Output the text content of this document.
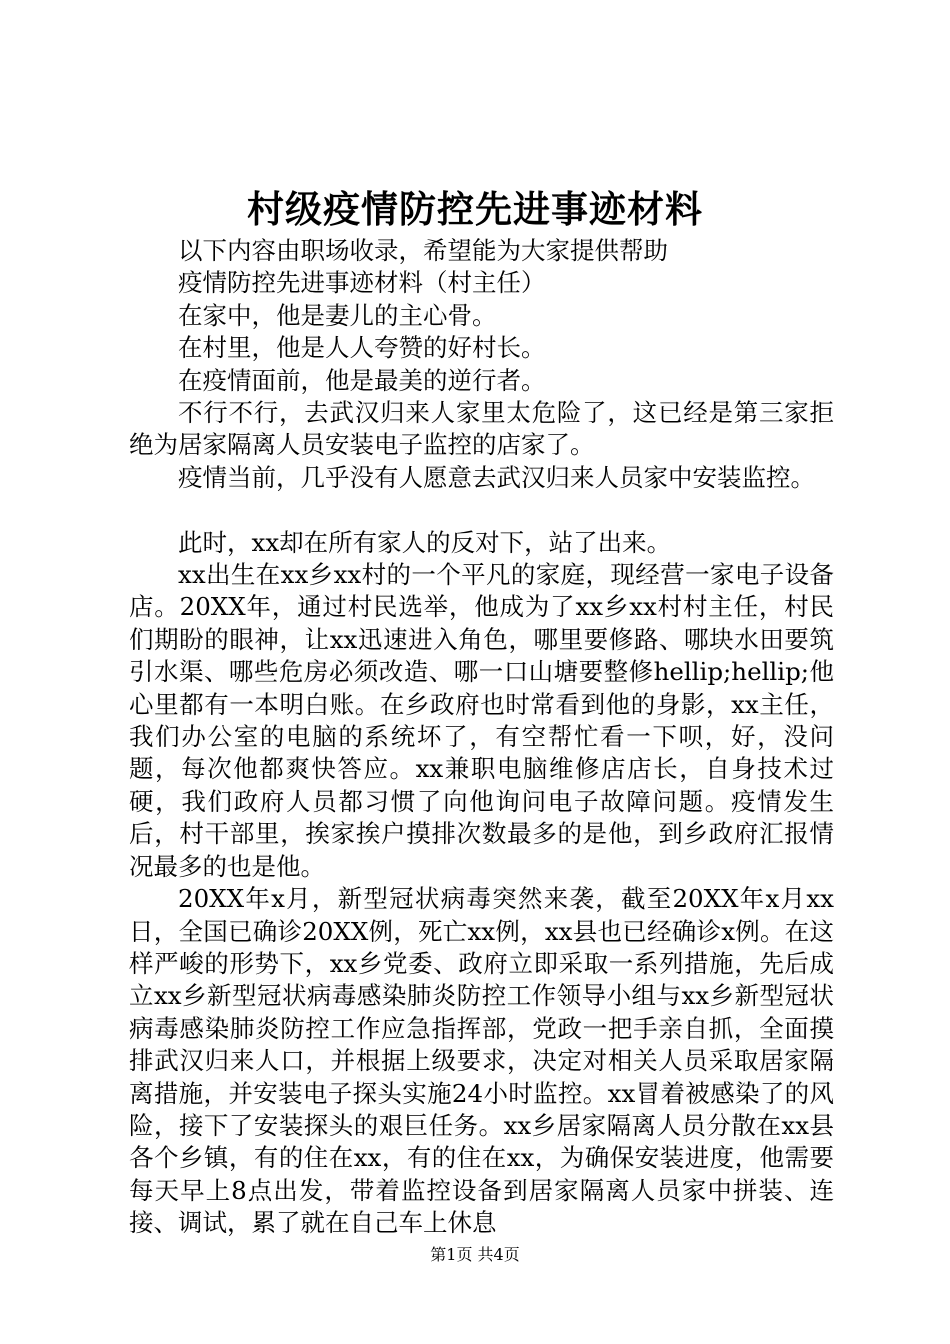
村级疫情防控先进事迹材料

以下内容由职场收录，希望能为大家提供帮助

疫情防控先进事迹材料（村主任）

在家中，他是妻儿的主心骨。

在村里，他是人人夸赞的好村长。

在疫情面前，他是最美的逆行者。

不行不行，去武汉归来人家里太危险了，这已经是第三家拒绝为居家隔离人员安装电子监控的店家了。

疫情当前，几乎没有人愿意去武汉归来人员家中安装监控。

此时，xx却在所有家人的反对下，站了出来。

xx出生在xx乡xx村的一个平凡的家庭，现经营一家电子设备店。20XX年，通过村民选举，他成为了xx乡xx村村主任，村民们期盼的眼神，让xx迅速进入角色，哪里要修路、哪块水田要筑引水渠、哪些危房必须改造、哪一口山塘要整修hellip;hellip;他心里都有一本明白账。在乡政府也时常看到他的身影，xx主任，我们办公室的电脑的系统坏了，有空帮忙看一下呗，好，没问题，每次他都爽快答应。xx兼职电脑维修店店长，自身技术过硬，我们政府人员都习惯了向他询问电子故障问题。疫情发生后，村干部里，挨家挨户摸排次数最多的是他，到乡政府汇报情况最多的也是他。

20XX年x月，新型冠状病毒突然来袭，截至20XX年x月xx日，全国已确诊20XX例，死亡xx例，xx县也已经确诊x例。在这样严峻的形势下，xx乡党委、政府立即采取一系列措施，先后成立xx乡新型冠状病毒感染肺炎防控工作领导小组与xx乡新型冠状病毒感染肺炎防控工作应急指挥部，党政一把手亲自抓，全面摸排武汉归来人口，并根据上级要求，决定对相关人员采取居家隔离措施，并安装电子探头实施24小时监控。xx冒着被感染了的风险，接下了安装探头的艰巨任务。xx乡居家隔离人员分散在xx县各个乡镇，有的住在xx，有的住在xx，为确保安装进度，他需要每天早上8点出发，带着监控设备到居家隔离人员家中拼装、连接、调试，累了就在自己车上休息

第1页 共4页
